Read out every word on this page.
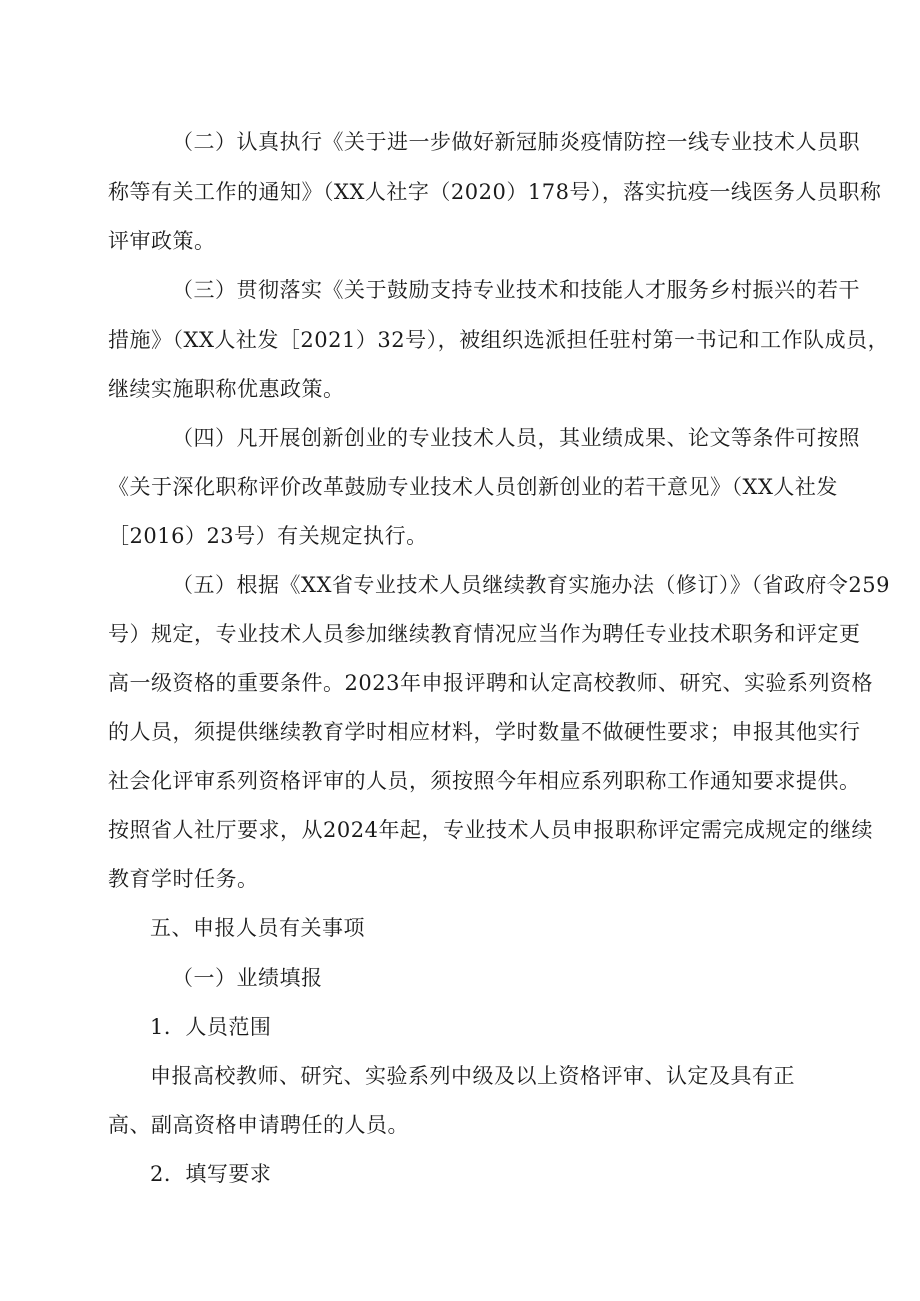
（二）认真执行《关于进一步做好新冠肺炎疫情防控一线专业技术人员职
称等有关工作的通知》（XX人社字（2020）178号），落实抗疫一线医务人员职称
评审政策。
（三）贯彻落实《关于鼓励支持专业技术和技能人才服务乡村振兴的若干
措施》（XX人社发［2021）32号），被组织选派担任驻村第一书记和工作队成员，
继续实施职称优惠政策。
（四）凡开展创新创业的专业技术人员，其业绩成果、论文等条件可按照
《关于深化职称评价改革鼓励专业技术人员创新创业的若干意见》（XX人社发
［2016）23号）有关规定执行。
（五）根据《XX省专业技术人员继续教育实施办法（修订）》（省政府令259
号）规定，专业技术人员参加继续教育情况应当作为聘任专业技术职务和评定更
高一级资格的重要条件。2023年申报评聘和认定高校教师、研究、实验系列资格
的人员，须提供继续教育学时相应材料，学时数量不做硬性要求；申报其他实行
社会化评审系列资格评审的人员，须按照今年相应系列职称工作通知要求提供。
按照省人社厅要求，从2024年起，专业技术人员申报职称评定需完成规定的继续
教育学时任务。
五、申报人员有关事项
（一）业绩填报
1．人员范围
申报高校教师、研究、实验系列中级及以上资格评审、认定及具有正
高、副高资格申请聘任的人员。
2．填写要求
